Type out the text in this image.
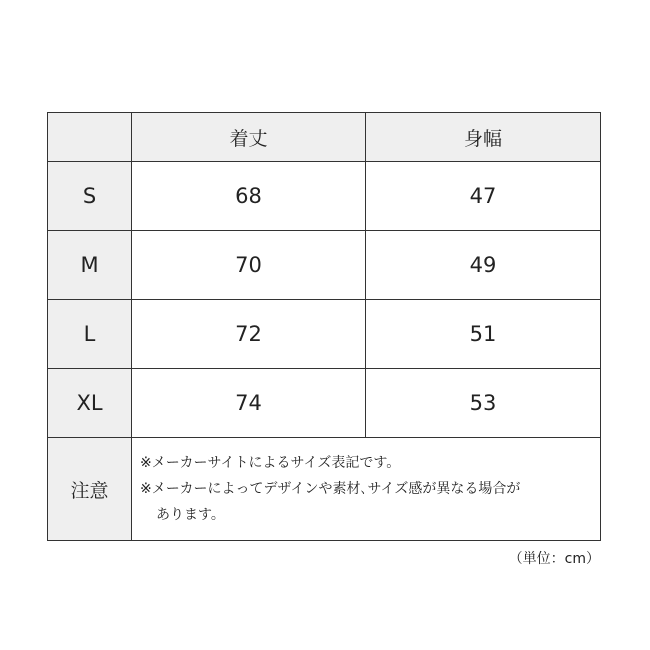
	着丈	身幅
S	68	47
M	70	49
L	72	51
XL	74	53
注意	※メーカーサイトによるサイズ表記です。
※メーカーによってデザインや素材､サイズ感が異なる場合が
あります。	
（単位：cm）
